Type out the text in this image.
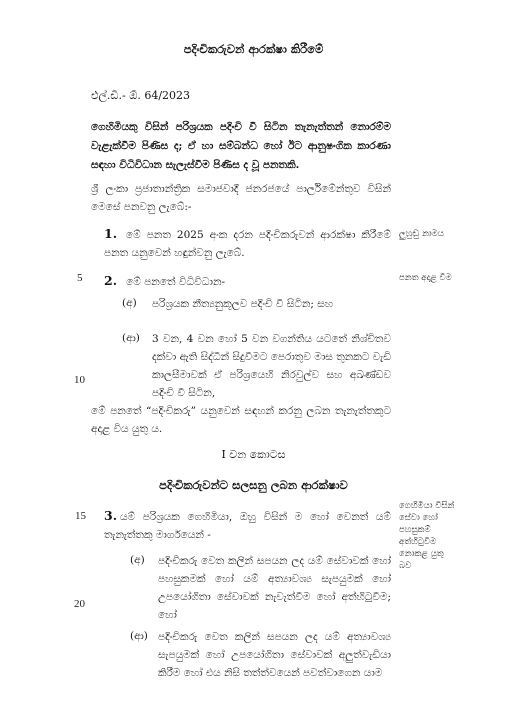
පදිංචිකරුවන් ආරක්ෂා කිරීමේ
එල්.ඩී.- ඕ. 64/2023
ගෙහිමියකු විසින් පරිශ්‍රයක පදිංචි වී සිටින තැනැත්තන් නොරම්ම වැළැක්වීම පිණිස ද; ඒ හා සම්බන්ධ හෝ ඊට ආනුෂංගික කාරණා සඳහා විධිවිධාන සැලැස්වීම පිණිස ද වූ පනතකි.
ශ්‍රී ලංකා ප්‍රජාතාන්ත්‍රික සමාජවාදී ජනරජයේ පාර්ලිමේන්තුව විසින් මෙසේ පනවනු ලැබේ:-
1. මේ පනත 2025 අංක දරන පදිංචිකරුවන් ආරක්ෂා කිරීමේ පනත යනුවෙන් හඳුන්වනු ලැබේ.
ලුහුඬු නාමය
5 2. මේ පනතේ විධිවිධාන-	පනත අදාළ වීම
(අ) පරිශ්‍රයක නීත්‍යනුකූලව පදිංචි වී සිටින; සහ
(ආ) 3 වන, 4 වන හෝ 5 වන වගන්තිය යටතේ නිශ්චිතව දක්වා ඇති සිද්ධීන් සිදුවීමට පෙරාතුව මාස තුනකට වැඩි කාලසීමාවක් ඒ පරිශ්‍රයෙහි නිරවුල්ව සහ අඛණ්ඩව පදිංචි වී සිටින,
10
මේ පනතේ “පදිංචිකරු” යනුවෙන් සඳහන් කරනු ලබන තැනැත්තකුට අදාළ විය යුතු ය.
I වන කොටස
පදිංචිකරුවන්ට සලසනු ලබන ආරක්ෂාව
15 3. යම් පරිශ්‍රයක ගෙහිමියා, ඔහු විසින් ම හෝ වෙනත් යම් තැනැත්තකු මාර්ගයෙන් -
ගෙහිමියා විසින් සේවා හෝ පහසුකම් අත්හිටුවීම නොකළ යුතු බව
(අ) පදිංචිකරු වෙත කලින් සපයන ලද යම් සේවාවක් හෝ පහසුකමක් හෝ යම් අත්‍යාවශ්‍ය සැපයුමක් හෝ උපයෝගිතා සේවාවක් නැවැත්වීම හෝ අත්හිටුවීම; හෝ
20
(ආ) පදිංචිකරු වෙත කලින් සපයන ලද යම් අත්‍යාවශ්‍ය සැපයුමක් හෝ උපයෝගිතා සේවාවක් අලුත්වැඩියා කිරීම හෝ එය නිසි තත්ත්වයෙන් පවත්වාගෙන යාම
